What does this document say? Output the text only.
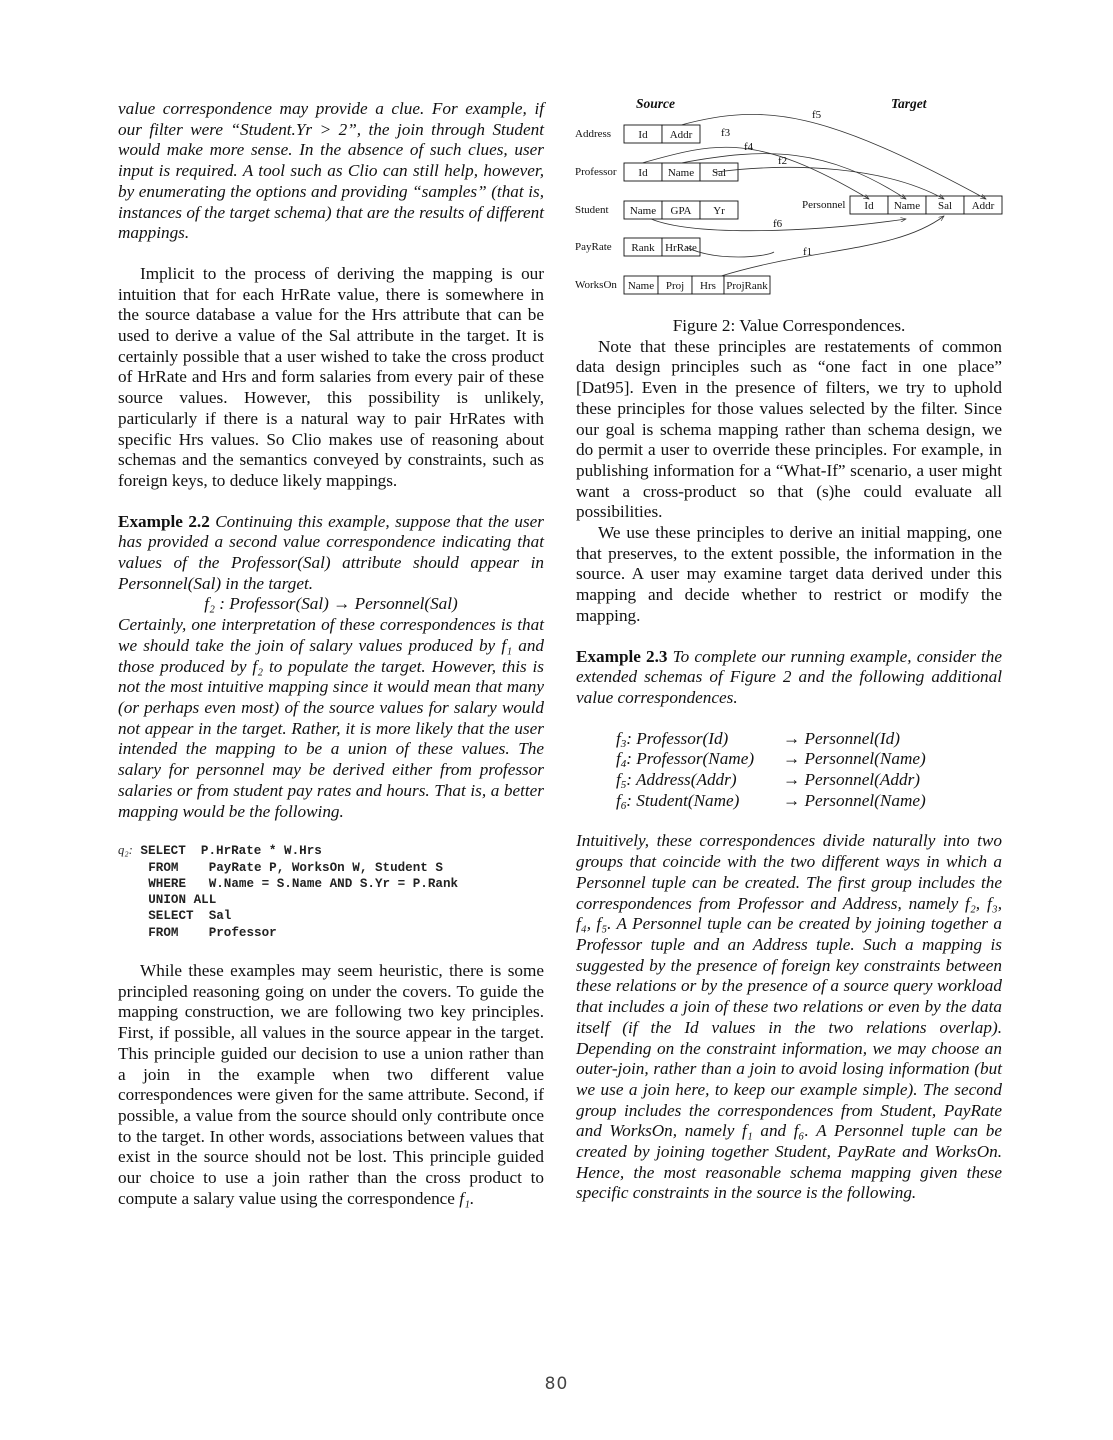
value correspondence may provide a clue. For example, if our filter were “Student.Yr > 2”, the join through Student would make more sense. In the absence of such clues, user input is required. A tool such as Clio can still help, however, by enumerating the options and providing “samples” (that is, instances of the target schema) that are the results of different mappings.

Implicit to the process of deriving the mapping is our intuition that for each HrRate value, there is somewhere in the source database a value for the Hrs attribute that can be used to derive a value of the Sal attribute in the target. It is certainly possible that a user wished to take the cross product of HrRate and Hrs and form salaries from every pair of these source values. However, this possibility is unlikely, particularly if there is a natural way to pair HrRates with specific Hrs values. So Clio makes use of reasoning about schemas and the semantics conveyed by constraints, such as foreign keys, to deduce likely mappings.

Example 2.2 Continuing this example, suppose that the user has provided a second value correspondence indicating that values of the Professor(Sal) attribute should appear in Personnel(Sal) in the target.

f₂ : Professor(Sal) → Personnel(Sal)

Certainly, one interpretation of these correspondences is that we should take the join of salary values produced by f₁ and those produced by f₂ to populate the target. However, this is not the most intuitive mapping since it would mean that many (or perhaps even most) of the source values for salary would not appear in the target. Rather, it is more likely that the user intended the mapping to be a union of these values. The salary for personnel may be derived either from professor salaries or from student pay rates and hours. That is, a better mapping would be the following.

q₂: SELECT  P.HrRate * W.Hrs
FROM    PayRate P, WorksOn W, Student S
WHERE   W.Name = S.Name AND S.Yr = P.Rank
UNION ALL
SELECT  Sal
FROM    Professor

While these examples may seem heuristic, there is some principled reasoning going on under the covers. To guide the mapping construction, we are following two key principles. First, if possible, all values in the source appear in the target. This principle guided our decision to use a union rather than a join in the example when two different value correspondences were given for the same attribute. Second, if possible, a value from the source should only contribute once to the target. In other words, associations between values that exist in the source should not be lost. This principle guided our choice to use a join rather than the cross product to compute a salary value using the correspondence f₁.

Source	Target
Address Id Addr
Professor Id Name Sal
Student Name GPA Yr
PayRate Rank HrRate
WorksOn Name Proj Hrs ProjRank
Personnel Id Name Sal Addr
f5
f3
f4
f2
f6
f1

Figure 2: Value Correspondences.

Note that these principles are restatements of common data design principles such as “one fact in one place” [Dat95]. Even in the presence of filters, we try to uphold these principles for those values selected by the filter. Since our goal is schema mapping rather than schema design, we do permit a user to override these principles. For example, in publishing information for a “What-If” scenario, a user might want a cross-product so that (s)he could evaluate all possibilities.

We use these principles to derive an initial mapping, one that preserves, to the extent possible, the information in the source. A user may examine target data derived under this mapping and decide whether to restrict or modify the mapping.

Example 2.3 To complete our running example, consider the extended schemas of Figure 2 and the following additional value correspondences.

$f_3$: Professor(Id)	→ Personnel(Id)
$f_4$: Professor(Name)	→ Personnel(Name)
$f_5$: Address(Addr)	→ Personnel(Addr)
$f_6$: Student(Name)	→ Personnel(Name)

Intuitively, these correspondences divide naturally into two groups that coincide with the two different ways in which a Personnel tuple can be created. The first group includes the correspondences from Professor and Address, namely f₂, f₃, f₄, f₅. A Personnel tuple can be created by joining together a Professor tuple and an Address tuple. Such a mapping is suggested by the presence of foreign key constraints between these relations or by the presence of a source query workload that includes a join of these two relations or even by the data itself (if the Id values in the two relations overlap). Depending on the constraint information, we may choose an outer-join, rather than a join to avoid losing information (but we use a join here, to keep our example simple). The second group includes the correspondences from Student, PayRate and WorksOn, namely f₁ and f₆. A Personnel tuple can be created by joining together Student, PayRate and WorksOn. Hence, the most reasonable schema mapping given these specific constraints in the source is the following.

80
